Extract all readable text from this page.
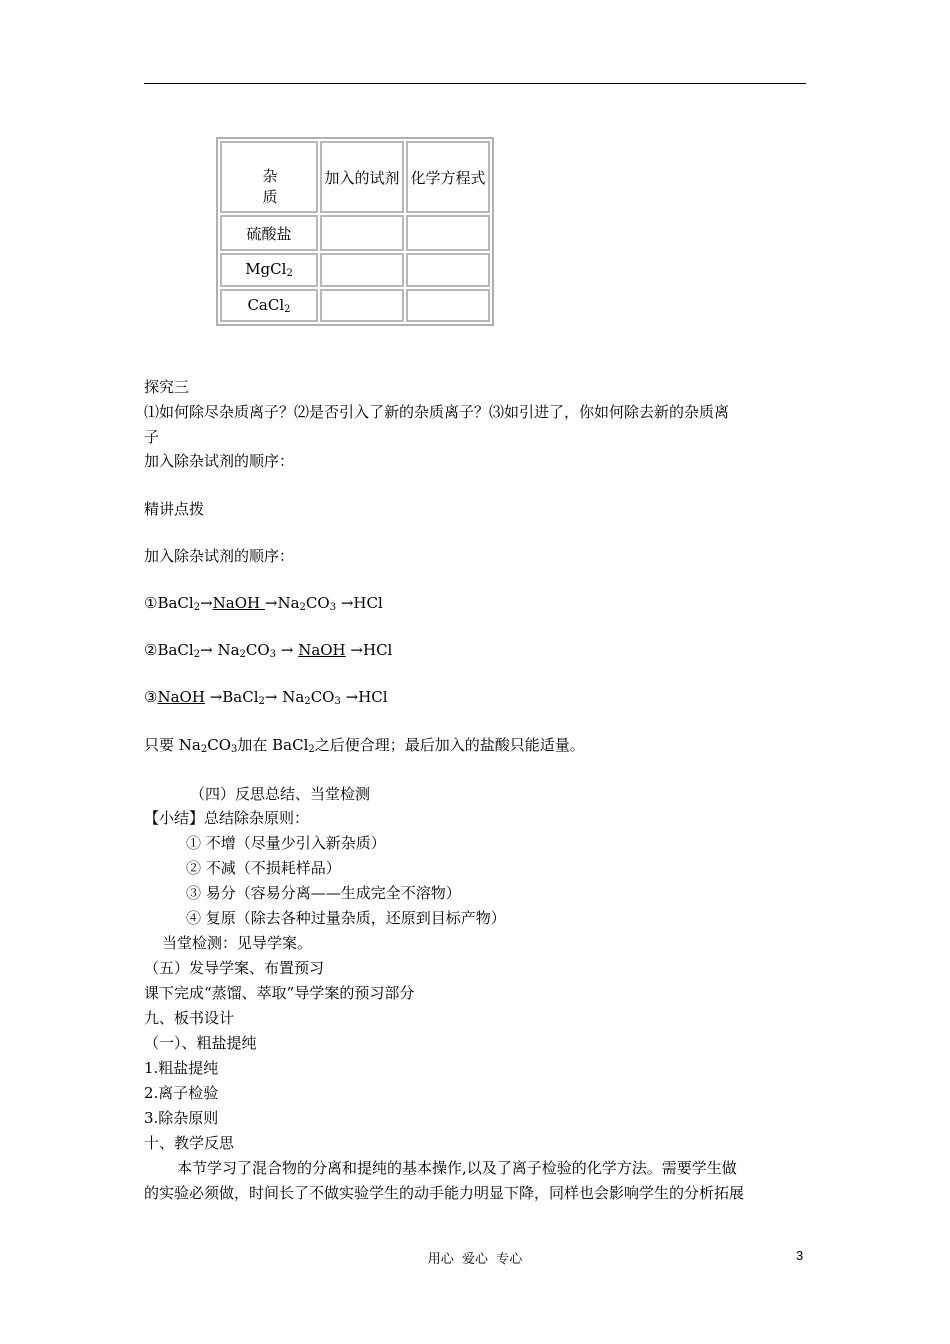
杂　质	加入的试剂	化学方程式
硫酸盐		
MgCl$_2$		
CaCl$_2$		
探究三
⑴如何除尽杂质离子？⑵是否引入了新的杂质离子？⑶如引进了，你如何除去新的杂质离
子
加入除杂试剂的顺序：
精讲点拨
加入除杂试剂的顺序：
①BaCl$_2$→NaOH $\to Na_2CO_3 \to HCl$
②BaCl$_2$→ $Na_2CO_3$ → NaOH →HCl
③NaOH →BaCl$_2$→ $Na_2CO_3 \to HCl$
只要 $Na_2CO_3$加在 BaCl$_2$之后便合理；最后加入的盐酸只能适量。
（四）反思总结、当堂检测
【小结】总结除杂原则：
① 不增（尽量少引入新杂质）
② 不减（不损耗样品）
③ 易分（容易分离——生成完全不溶物）
④ 复原（除去各种过量杂质，还原到目标产物）
当堂检测：见导学案。
（五）发导学案、布置预习
课下完成“蒸馏、萃取”导学案的预习部分
九、板书设计
（一）、粗盐提纯
1.粗盐提纯
2.离子检验
3.除杂原则
十、教学反思
本节学习了混合物的分离和提纯的基本操作,以及了离子检验的化学方法。需要学生做
的实验必须做，时间长了不做实验学生的动手能力明显下降，同样也会影响学生的分析拓展
用心  爱心  专心	3
